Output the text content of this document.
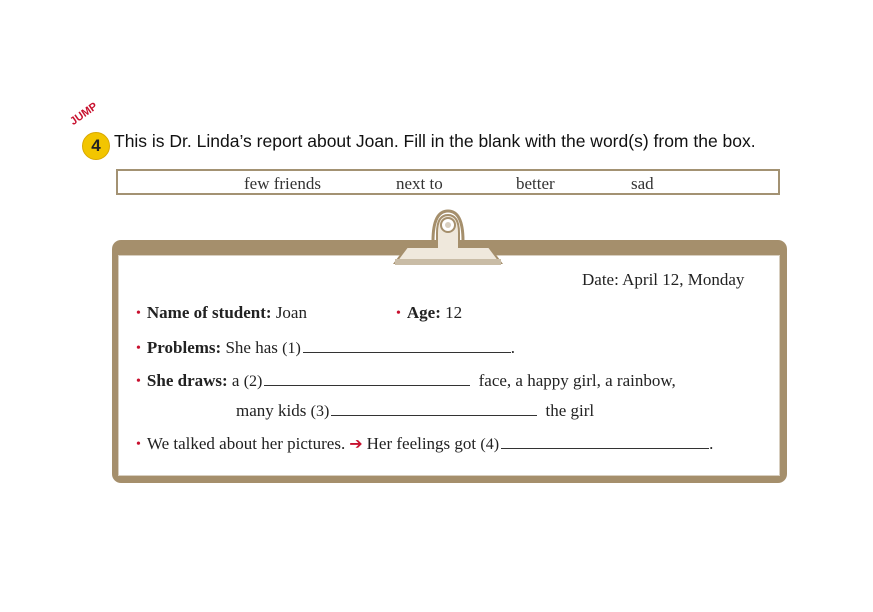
JUMP
4 This is Dr. Linda’s report about Joan. Fill in the blank with the word(s) from the box.
few friends	next to	better	sad
Date: April 12, Monday
• Name of student: Joan	• Age: 12
• Problems: She has (1)	.
• She draws: a (2)	face, a happy girl, a rainbow,
many kids (3)	the girl
• We talked about her pictures. ➔ Her feelings got (4)	.
